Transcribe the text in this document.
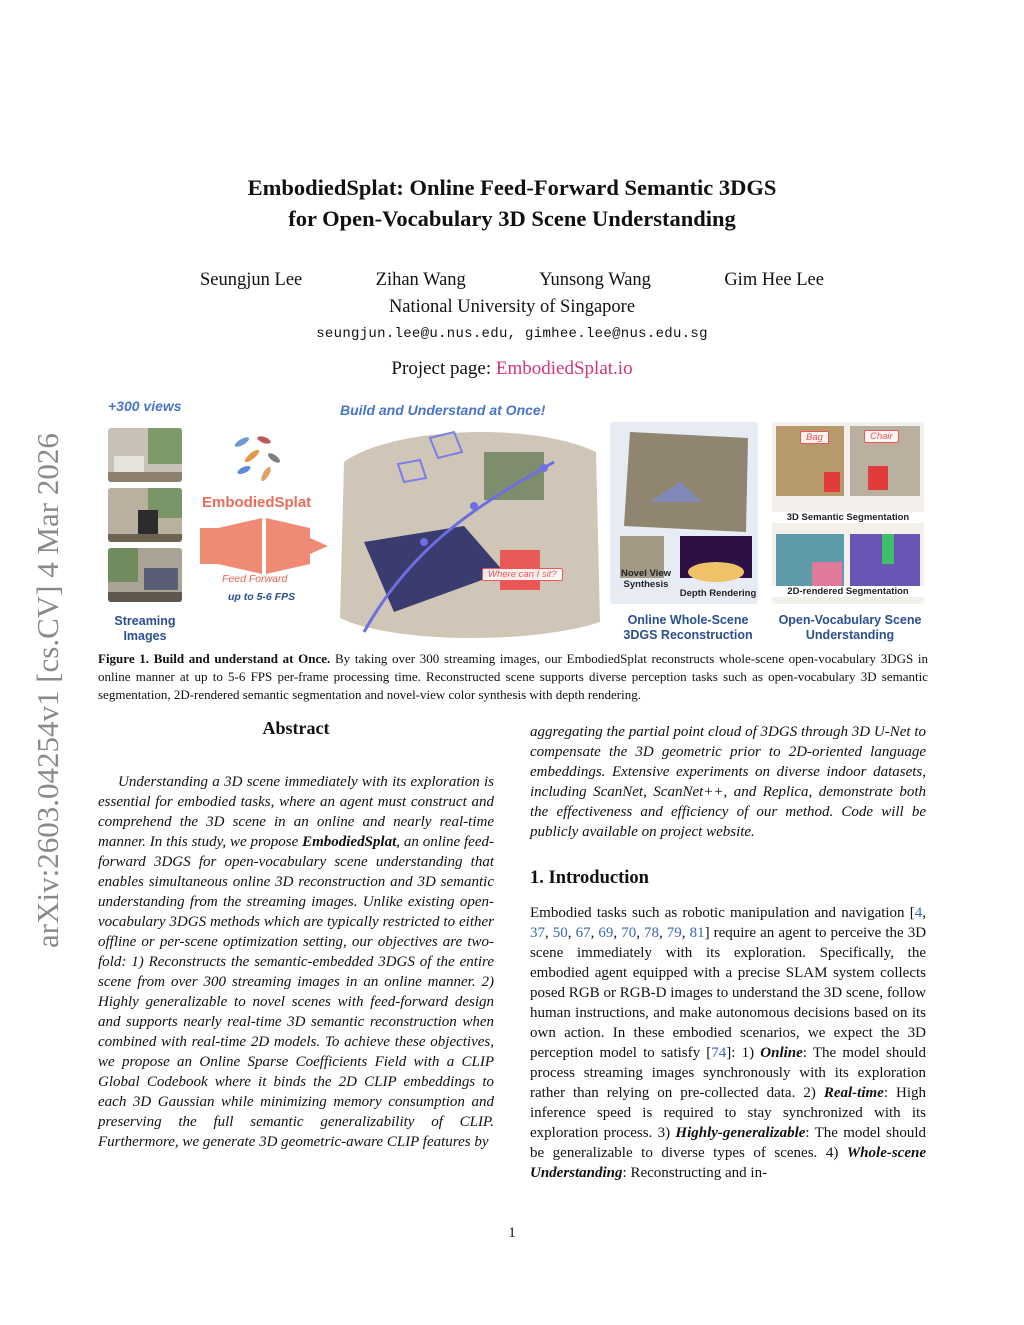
arXiv:2603.04254v1 [cs.CV] 4 Mar 2026
EmbodiedSplat: Online Feed-Forward Semantic 3DGS
for Open-Vocabulary 3D Scene Understanding
Seungjun Lee	Zihan Wang	Yunsong Wang	Gim Hee Lee
National University of Singapore
seungjun.lee@u.nus.edu, gimhee.lee@nus.edu.sg
Project page: EmbodiedSplat.io
+300 views	Build and Understand at Once!
Streaming Images
EmbodiedSplat
Feed Forward
up to 5-6 FPS
Where can I sit?	Novel View Synthesis
Depth Rendering
Online Whole-Scene 3DGS Reconstruction
Bag	Chair
3D Semantic Segmentation
2D-rendered Segmentation
Open-Vocabulary Scene Understanding
Figure 1. Build and understand at Once. By taking over 300 streaming images, our EmbodiedSplat reconstructs whole-scene open-vocabulary 3DGS in online manner at up to 5-6 FPS per-frame processing time. Reconstructed scene supports diverse perception tasks such as open-vocabulary 3D semantic segmentation, 2D-rendered semantic segmentation and novel-view color synthesis with depth rendering.
Abstract

Understanding a 3D scene immediately with its exploration is essential for embodied tasks, where an agent must construct and comprehend the 3D scene in an online and nearly real-time manner. In this study, we propose EmbodiedSplat, an online feed-forward 3DGS for open-vocabulary scene understanding that enables simultaneous online 3D reconstruction and 3D semantic understanding from the streaming images. Unlike existing open-vocabulary 3DGS methods which are typically restricted to either offline or per-scene optimization setting, our objectives are two-fold: 1) Reconstructs the semantic-embedded 3DGS of the entire scene from over 300 streaming images in an online manner. 2) Highly generalizable to novel scenes with feed-forward design and supports nearly real-time 3D semantic reconstruction when combined with real-time 2D models. To achieve these objectives, we propose an Online Sparse Coefficients Field with a CLIP Global Codebook where it binds the 2D CLIP embeddings to each 3D Gaussian while minimizing memory consumption and preserving the full semantic generalizability of CLIP. Furthermore, we generate 3D geometric-aware CLIP features by

aggregating the partial point cloud of 3DGS through 3D U-Net to compensate the 3D geometric prior to 2D-oriented language embeddings. Extensive experiments on diverse indoor datasets, including ScanNet, ScanNet++, and Replica, demonstrate both the effectiveness and efficiency of our method. Code will be publicly available on project website.

1. Introduction

Embodied tasks such as robotic manipulation and navigation [4, 37, 50, 67, 69, 70, 78, 79, 81] require an agent to perceive the 3D scene immediately with its exploration. Specifically, the embodied agent equipped with a precise SLAM system collects posed RGB or RGB-D images to understand the 3D scene, follow human instructions, and make autonomous decisions based on its own action. In these embodied scenarios, we expect the 3D perception model to satisfy [74]: 1) Online: The model should process streaming images synchronously with its exploration rather than relying on pre-collected data. 2) Real-time: High inference speed is required to stay synchronized with its exploration process. 3) Highly-generalizable: The model should be generalizable to diverse types of scenes. 4) Whole-scene Understanding: Reconstructing and in-

1
